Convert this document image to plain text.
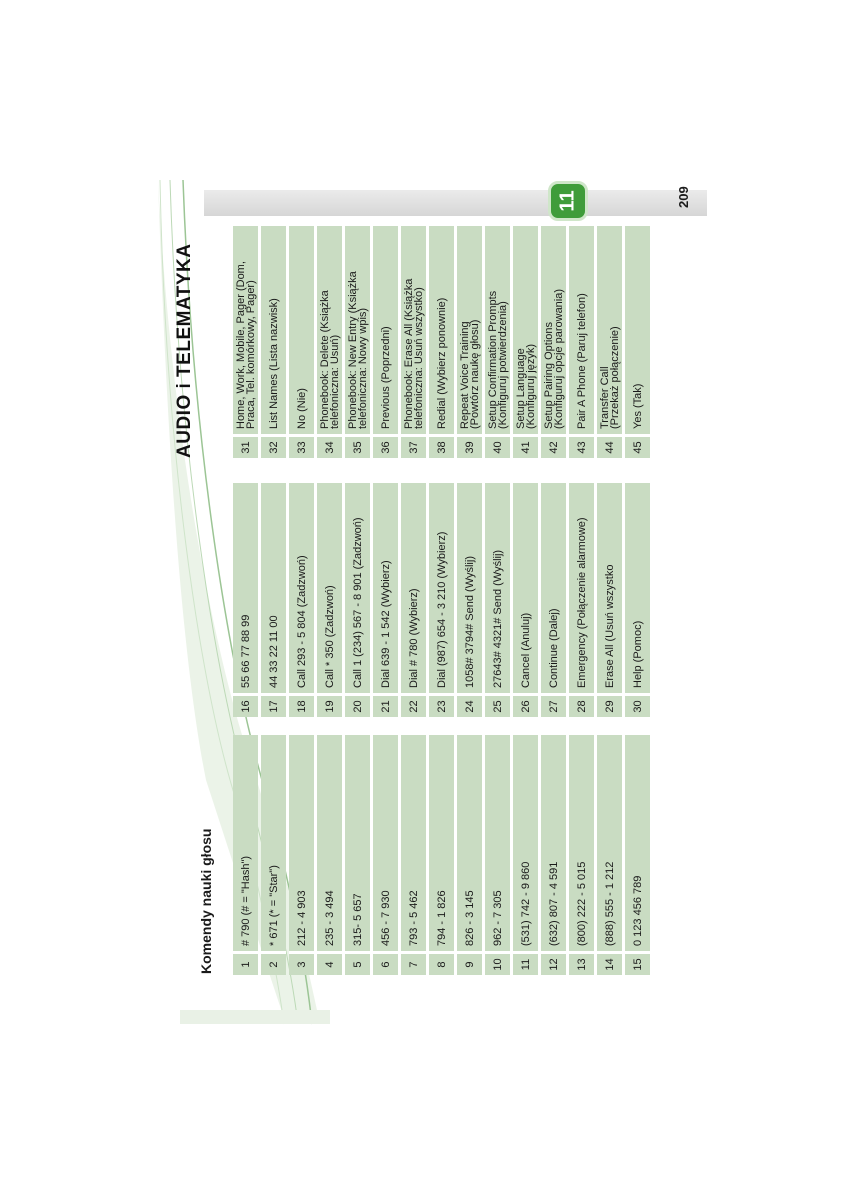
AUDIO i TELEMATYKA
11	209
Komendy nauki głosu 1	# 790 (# = "Hash")
2	* 671 (* = "Star")
3	212 - 4 903
4	235 - 3 494
5	315- 5 657
6	456 - 7 930
7	793 - 5 462
8	794 - 1 826
9	826 - 3 145
10	962 - 7 305
11	(531) 742 - 9 860
12	(632) 807 - 4 591
13	(800) 222 - 5 015
14	(888) 555 - 1 212
15	0 123 456 789
16	55 66 77 88 99
17	44 33 22 11 00
18	Call 293 - 5 804 (Zadzwoń)
19	Call * 350 (Zadzwoń)
20	Call 1 (234) 567 - 8 901 (Zadzwoń)
21	Dial 639 - 1 542 (Wybierz)
22	Dial # 780 (Wybierz)
23	Dial (987) 654 - 3 210 (Wybierz)
24	1058# 3794# Send (Wyślij)
25	27643# 4321# Send (Wyślij)
26	Cancel (Anuluj)
27	Continue (Dalej)
28	Emergency (Połączenie alarmowe)
29	Erase All (Usuń wszystko
30	Help (Pomoc)
31	Home, Work, Mobile, Pager (Dom,
Praca, Tel. komórkowy, Pager)

32	List Names (Lista nazwisk)

33	No (Nie)

34	Phonebook: Delete (Książka
telefoniczna: Usuń)

35	Phonebook: New Entry (Książka
telefoniczna: Nowy wpis)

36	Previous (Poprzedni)

37	Phonebook: Erase All (Książka
telefoniczna: Usuń wszystko)

38	Redial (Wybierz ponownie)

39	Repeat Voice Training
(Powtórz naukę głosu)

40	Setup Confirmation Prompts
(Konfiguruj potwierdzenia)

41	Setup Language
(Konfiguruj język)

42	Setup Pairing Options
(Konfiguruj opcje parowania)

43	Pair A Phone (Paruj telefon)

44	Transfer Call
(Przekaż połączenie)

45	Yes (Tak)
